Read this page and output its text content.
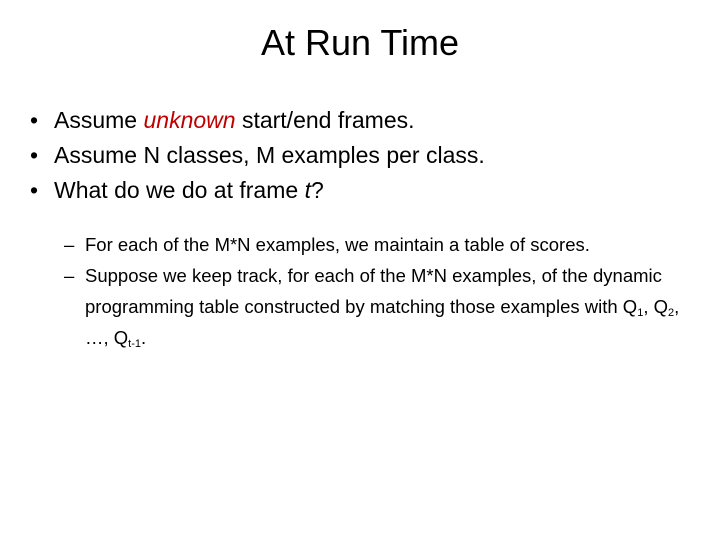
At Run Time
• Assume unknown start/end frames.
• Assume N classes, M examples per class.
• What do we do at frame t?
– For each of the M*N examples, we maintain a table of scores.
– Suppose we keep track, for each of the M*N examples, of the dynamic programming table constructed by matching those examples with $Q_1$, $Q_2$, …, $Q_{t-1}$.
